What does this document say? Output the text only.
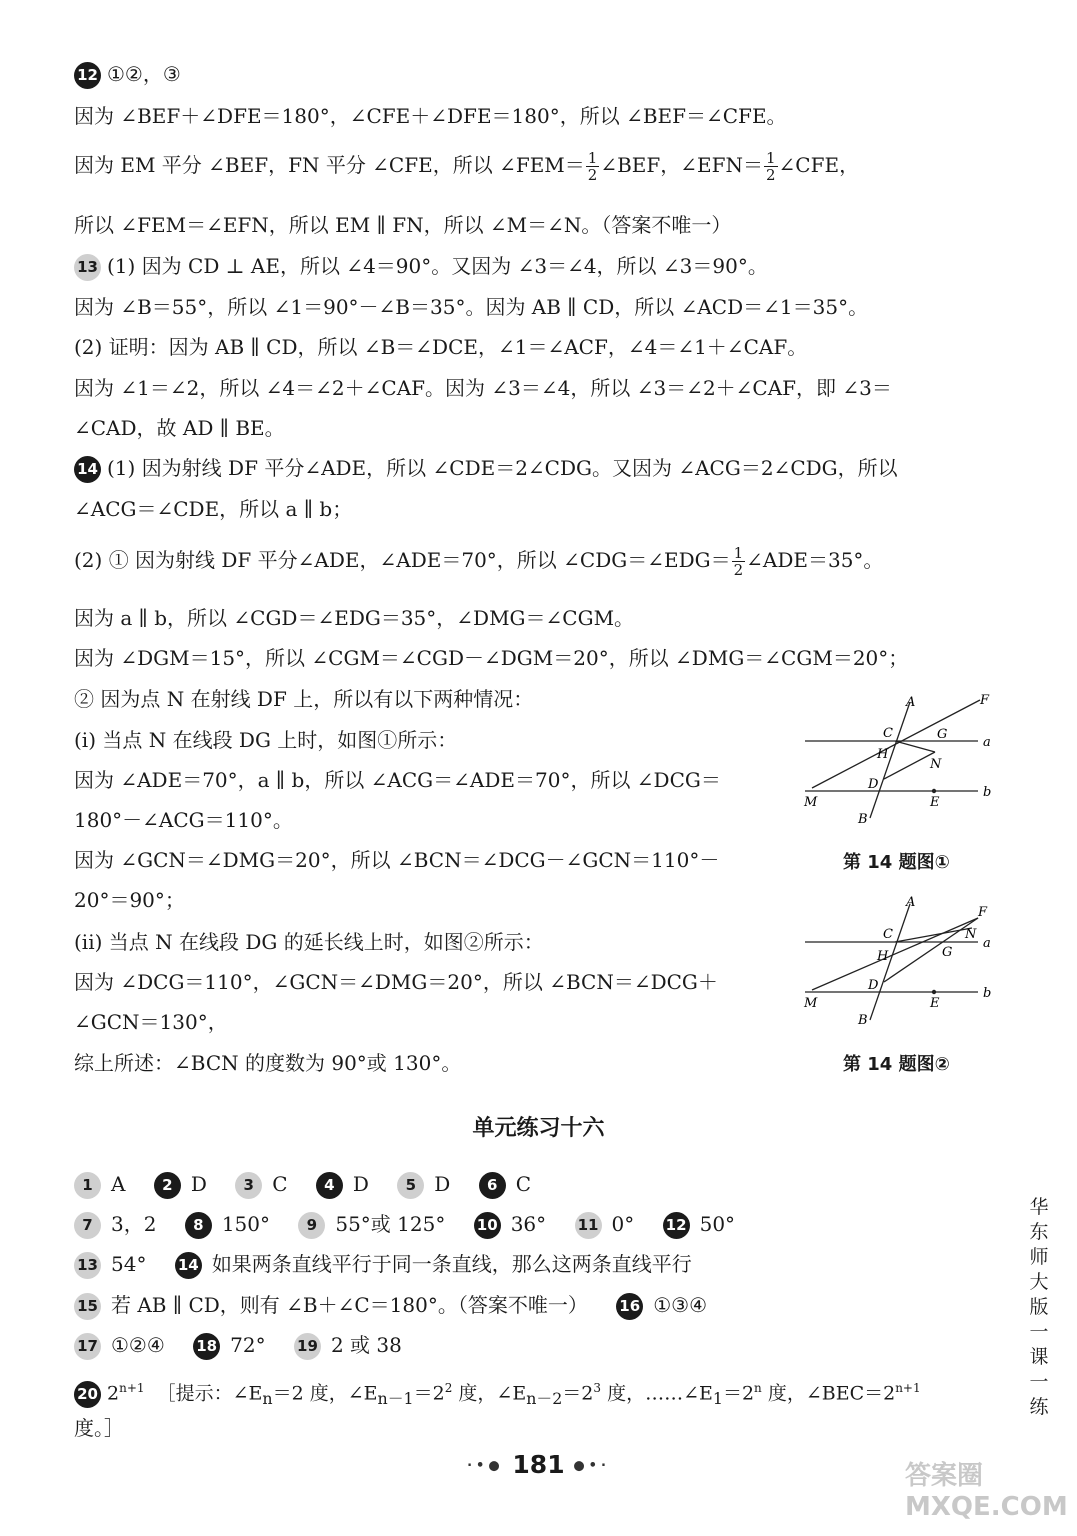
12 ①②，③
因为 ∠BEF＋∠DFE＝180°，∠CFE＋∠DFE＝180°，所以 ∠BEF＝∠CFE。
因为 EM 平分 ∠BEF，FN 平分 ∠CFE，所以 ∠FEM＝ $\frac{1}{2}$ ∠BEF，∠EFN＝ $\frac{1}{2}$ ∠CFE，
所以 ∠FEM＝∠EFN，所以 EM ∥ FN，所以 ∠M＝∠N。（答案不唯一）
13 (1) 因为 CD ⊥ AE，所以 ∠4＝90°。又因为 ∠3＝∠4，所以 ∠3＝90°。
因为 ∠B＝55°，所以 ∠1＝90°－∠B＝35°。因为 AB ∥ CD，所以 ∠ACD＝∠1＝35°。
(2) 证明：因为 AB ∥ CD，所以 ∠B＝∠DCE，∠1＝∠ACF，∠4＝∠1＋∠CAF。
因为 ∠1＝∠2，所以 ∠4＝∠2＋∠CAF。因为 ∠3＝∠4，所以 ∠3＝∠2＋∠CAF，即 ∠3＝
∠CAD，故 AD ∥ BE。
14 (1) 因为射线 DF 平分∠ADE，所以 ∠CDE＝2∠CDG。又因为 ∠ACG＝2∠CDG，所以
∠ACG＝∠CDE，所以 a ∥ b；
(2) ① 因为射线 DF 平分∠ADE，∠ADE＝70°，所以 ∠CDG＝∠EDG＝ $\frac{1}{2}$ ∠ADE＝35°。
因为 a ∥ b，所以 ∠CGD＝∠EDG＝35°，∠DMG＝∠CGM。
因为 ∠DGM＝15°，所以 ∠CGM＝∠CGD－∠DGM＝20°，所以 ∠DMG＝∠CGM＝20°；
② 因为点 N 在射线 DF 上，所以有以下两种情况：
(i) 当点 N 在线段 DG 上时，如图①所示：
因为 ∠ADE＝70°，a ∥ b，所以 ∠ACG＝∠ADE＝70°，所以 ∠DCG＝
180°－∠ACG＝110°。
因为 ∠GCN＝∠DMG＝20°，所以 ∠BCN＝∠DCG－∠GCN＝110°－
20°＝90°；
(ii) 当点 N 在线段 DG 的延长线上时，如图②所示：
因为 ∠DCG＝110°，∠GCN＝∠DMG＝20°，所以 ∠BCN＝∠DCG＋
∠GCN＝130°，
综上所述：∠BCN 的度数为 90°或 130°。
A	F
C	G
a
H
N
D
b
M	E
B
第 14 题图①
A
F
C
G
a
H
N
D
b
M	E
B
第 14 题图②
单元练习十六
1 A 2 D 3 C 4 D 5 D 6 C
7 3，2 8 150° 9 55°或 125° 10 36° 11 0° 12 50°
13 54° 14 如果两条直线平行于同一条直线，那么这两条直线平行
15 若 AB ∥ CD，则有 ∠B＋∠C＝180°。（答案不唯一） 16 ①③④
17 ①②④ 18 72° 19 2 或 38
20 $2^{n+1}$ ［提示：$\angle E_n=2$ 度，$\angle E_{n-1}=2^2$ 度，$\angle E_{n-2}=2^3$ 度，$\dots\dots\angle E_1=2^n$ 度，$\angle BEC=2^{n+1}$
度。］
华东师大版一课一练
·•● 181 ●•·	答案圈 MXQE.COM
